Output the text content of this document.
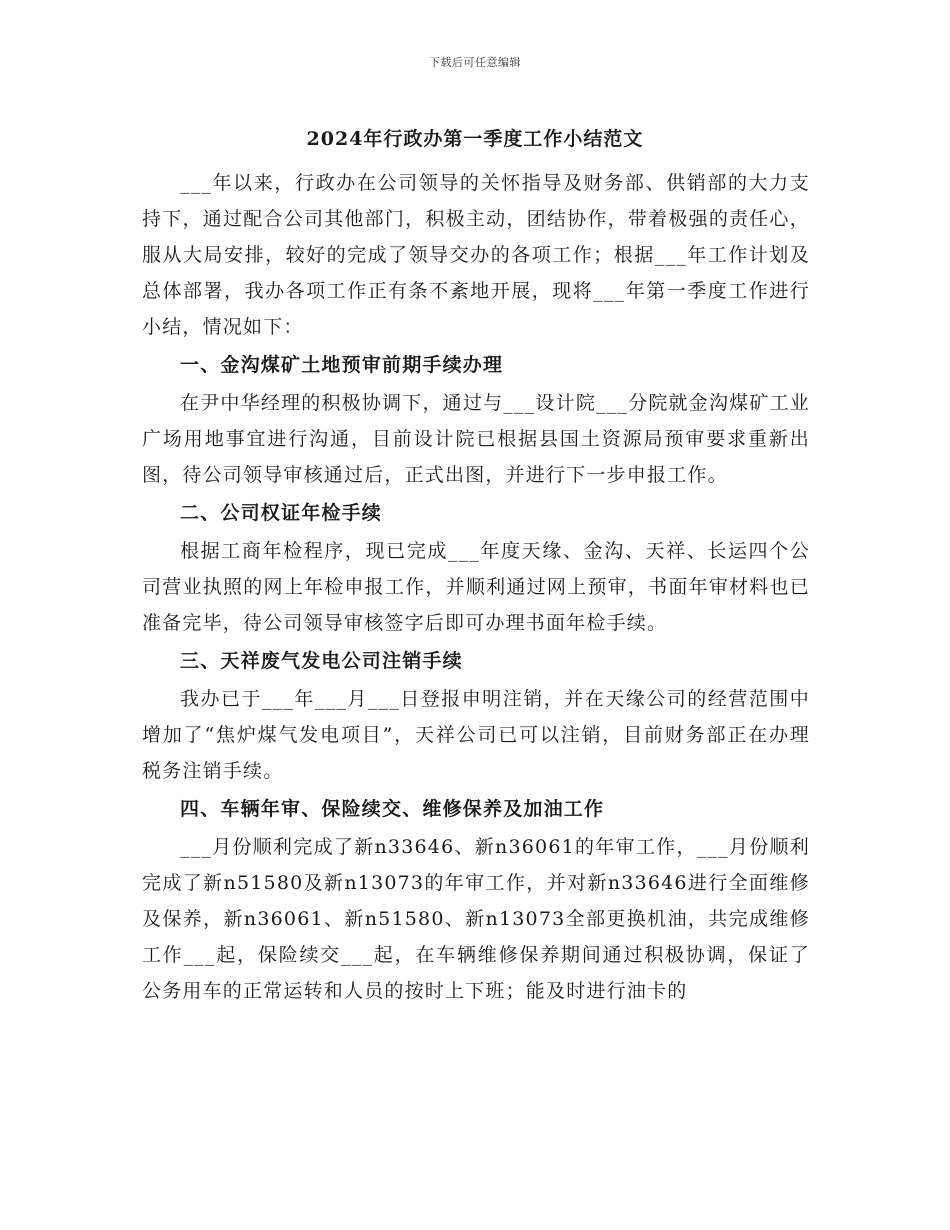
下载后可任意编辑
2024年行政办第一季度工作小结范文

___年以来，行政办在公司领导的关怀指导及财务部、供销部的大力支持下，通过配合公司其他部门，积极主动，团结协作，带着极强的责任心，服从大局安排，较好的完成了领导交办的各项工作；根据___年工作计划及总体部署，我办各项工作正有条不紊地开展，现将___年第一季度工作进行小结，情况如下：

一、金沟煤矿土地预审前期手续办理

在尹中华经理的积极协调下，通过与___设计院___分院就金沟煤矿工业广场用地事宜进行沟通，目前设计院已根据县国土资源局预审要求重新出图，待公司领导审核通过后，正式出图，并进行下一步申报工作。

二、公司权证年检手续

根据工商年检程序，现已完成___年度天缘、金沟、天祥、长运四个公司营业执照的网上年检申报工作，并顺利通过网上预审，书面年审材料也已准备完毕，待公司领导审核签字后即可办理书面年检手续。

三、天祥废气发电公司注销手续

我办已于___年___月___日登报申明注销，并在天缘公司的经营范围中增加了“焦炉煤气发电项目”，天祥公司已可以注销，目前财务部正在办理税务注销手续。

四、车辆年审、保险续交、维修保养及加油工作

___月份顺利完成了新n33646、新n36061的年审工作，___月份顺利完成了新n51580及新n13073的年审工作，并对新n33646进行全面维修及保养，新n36061、新n51580、新n13073全部更换机油，共完成维修工作___起，保险续交___起，在车辆维修保养期间通过积极协调，保证了公务用车的正常运转和人员的按时上下班；能及时进行油卡的
